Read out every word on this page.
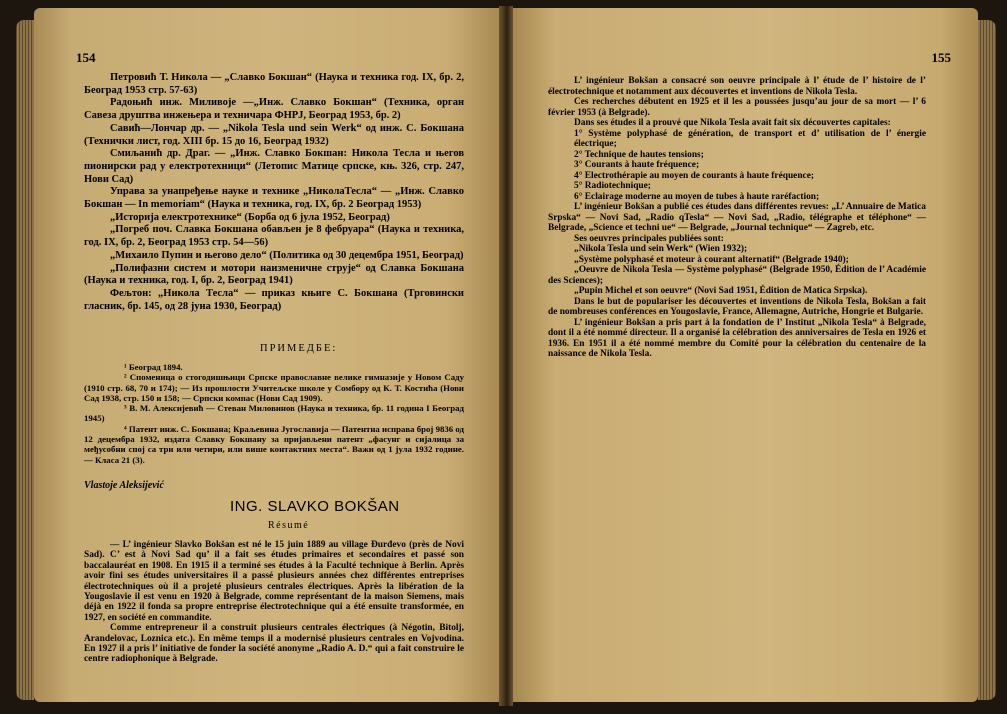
154	155

Петровић Т. Никола — „Славко Бокшан“ (Наука и техника год. IX, бр. 2, Београд 1953 стр. 57-63)

Радоњић инж. Миливоје —„Инж. Славко Бокшан“ (Техника, орган Савеза друштва инжењера и техничара ФНРЈ, Београд 1953, бр. 2)

Савић—Лончар др. — „Nikola Tesla und sein Werk“ од инж. С. Бокшана (Технички лист, год. XIII бр. 15 до 16, Београд 1932)

Смиљанић др. Драг. — „Инж. Славко Бокшан: Никола Тесла и његов пионирски рад у електротехници“ (Летопис Матице српске, књ. 326, стр. 247, Нови Сад)

Управа за унапређење науке и технике „НиколаТесла“ — „Инж. Славко Бокшан — In memoriam“ (Наука и техника, год. IX, бр. 2 Београд 1953)

„Историја електротехнике“ (Борба од 6 јула 1952, Београд)

„Погреб поч. Славка Бокшана обављен је 8 фебруара“ (Наука и техника, год. IX, бр. 2, Београд 1953 стр. 54—56)

„Михаило Пупин и његово дело“ (Политика од 30 децембра 1951, Београд)

„Полифазни систем и мотори наизменичне струје“ од Славка Бокшана (Наука и техника, год. I, бр. 2, Београд 1941)

Фељтон: „Никола Тесла“ — приказ књиге С. Бокшана (Трговински гласник, бр. 145, од 28 јуна 1930, Београд)

ПРИМЕДБЕ:

¹ Београд 1894.

² Споменица о стогодишњици Српске православне велике гимназије у Новом Саду (1910 стр. 68, 70 и 174); — Из прошлости Учитељске школе у Сомбору од К. Т. Костића (Нови Сад 1938, стр. 150 и 158; — Српски компас (Нови Сад 1909).

³ В. М. Алексијевић — Стеван Миловинов (Наука и техника, бр. 11 година I Београд 1945)

⁴ Патент инж. С. Бокшана; Краљевина Југославија — Патентна исправа број 9836 од 12 децембра 1932, издата Славку Бокшану за пријављени патент „фасунг и сијалица за међусобни спој са три или четири, или више контактних места“. Важи од 1 јула 1932 године. — Класа 21 (3).

Vlastoje Aleksijević
ING. SLAVKO BOKŠAN
Résumé

— L’ ingénieur Slavko Bokšan est né le 15 juin 1889 au village Đurđevo (près de Novi Sad). C’ est à Novi Sad qu’ il a fait ses études primaires et secondaires et passé son baccalauréat en 1908. En 1915 il a terminé ses études à la Faculté technique à Berlin. Après avoir fini ses études universitaires il a passé plusieurs années chez différentes entreprises électrotechniques où il a projeté plusieurs centrales électriques. Après la libération de la Yougoslavie il est venu en 1920 à Belgrade, comme représentant de la maison Siemens, mais déjà en 1922 il fonda sa propre entreprise électrotechnique qui a été ensuite transformée, en 1927, en société en commandite.

Comme entrepreneur il a construit plusieurs centrales électriques (à Négotin, Bitolj, Arandelovac, Loznica etc.). En même temps il a modernisé plusieurs centrales en Vojvodina. En 1927 il a pris l’ initiative de fonder la société anonyme „Radio A. D.“ qui a fait construire le centre radiophonique à Belgrade.

L’ ingénieur Bokšan a consacré son oeuvre principale à l’ étude de l’ histoire de l’ électrotechnique et notamment aux découvertes et inventions de Nikola Tesla.

Ces recherches débutent en 1925 et il les a poussées jusqu’au jour de sa mort — l’ 6 février 1953 (à Belgrade).

Dans ses études il a prouvé que Nikola Tesla avait fait six découvertes capitales:

1° Système polyphasé de génération, de transport et d’ utilisation de l’ énergie électrique;

2° Technique de hautes tensions;

3° Courants à haute fréquence;

4° Electrothérapie au moyen de courants à haute fréquence;

5° Radiotechnique;

6° Eclairage moderne au moyen de tubes à haute raréfaction;

L’ ingénieur Bokšan a publié ces études dans différentes revues: „L’ Annuaire de Matica Srpska“ — Novi Sad, „Radio qTesla“ — Novi Sad, „Radio, télégraphe et téléphone“ — Belgrade, „Science et techni ue“ — Belgrade, „Journal technique“ — Zagreb, etc.

Ses oeuvres principales publiées sont:

„Nikola Tesla und sein Werk“ (Wien 1932);

„Système polyphasé et moteur à courant alternatif“ (Belgrade 1940);

„Oeuvre de Nikola Tesla — Système polyphasé“ (Belgrade 1950, Édition de l’ Académie des Sciences);

„Pupin Michel et son oeuvre“ (Novi Sad 1951, Édition de Matica Srpska).

Dans le but de populariser les découvertes et inventions de Nikola Tesla, Bokšan a fait de nombreuses conférences en Yougoslavie, France, Allemagne, Autriche, Hongrie et Bulgarie.

L’ ingénieur Bokšan a pris part à la fondation de l’ Institut „Nikola Tesla“ à Belgrade, dont il a été nommé directeur. Il a organisé la célébration des anniversaires de Tesla en 1926 et 1936. En 1951 il a été nommé membre du Comité pour la célébration du centenaire de la naissance de Nikola Tesla.
